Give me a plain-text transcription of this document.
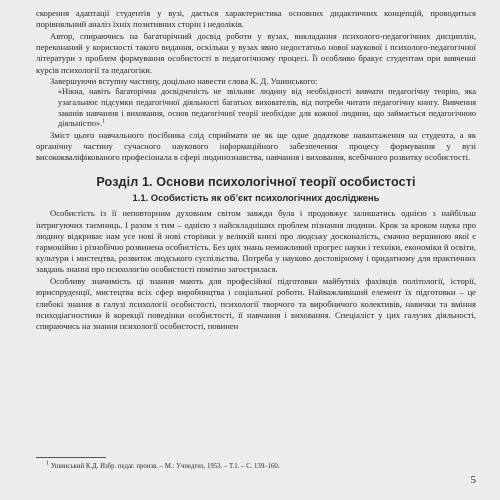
скорення адаптації студентів у вузі, дається характеристика основних дидактичних концепцій, проводиться порівняльний аналіз їхніх позитивних сторін і недоліків.

Автор, спираючись на багаторічний досвід роботи у вузах, викладання психолого-педагогічних дисциплін, переконаний у корисності такого видання, оскільки у вузах явно недостатньо нової наукової і психолого-педагогічної літератури з проблем формування особистості в педагогічному процесі. Її особливо бракує студентам при вивченні курсів психології та педагогіки.

Завершуючи вступну частину, доцільно навести слова К. Д. Ушинського:

«Нікна, навіть багаторічна досвідченість не звільняє людину від необхідності вивчати педагогічну теорію, яка узагальнює підсумки педагогічної діяльності багатьох вихователів, від потреби читати педагогічну книгу. Вивчення законів навчання і виховання, основ педагогічної теорії необхідне для кожної людини, що займається педагогічною діяльністю».$^1$

Зміст цього навчального посібника слід сприймати не як ще одне додаткове навантаження на студента, а як органічну частину сучасного наукового інформаційного забезпечення процесу формування у вузі висококваліфікованого професіонала в сфері людинознавства, навчання і виховання, всебічного розвитку особистості.

Розділ 1. Основи психологічної теорії особистості
1.1. Особистість як об’єкт психологічних досліджень

Особистість із її неповторним духовним світом завжди була і продовжує залишатись однією з найбільш інтригуючих таємниць. І разом з тим – однією з найскладніших проблем пізнання людини. Крок за кроком наука про людину відкриває нам усе нові й нові сторінки у великій книзі про людську досконалість, смачно вершиною якої є гармонійно і різнобічно розвинена особистість. Без цих знань неможливий прогрес науки і техніки, економіки й освіти, культури і мистецтва, розвиток людського суспільства. Потреба у науково достовірному і придатному для практичних завдань знанні про психологію особистості помітно загострилася.

Особливу значимість ці знання мають для професійної підготовки майбутніх фахівців політології, історії, юриспруденції, мистецтва всіх сфер виробництва і соціальної роботи. Найважливіший елемент їх підготовки – це глибокі знання в галузі психології особистості, психології творчого та виробничого колективів, навички та вміння психодіагностики й корекції поведінки особистості, її навчання і виховання. Спеціаліст у цих галузях діяльності, спираючись на знання психології особистості, повинен

$^1$ Ушинський К.Д. Избр. педаг. произв. – М.: Учпедгиз, 1953. – Т.1. – С. 139–160.

5
